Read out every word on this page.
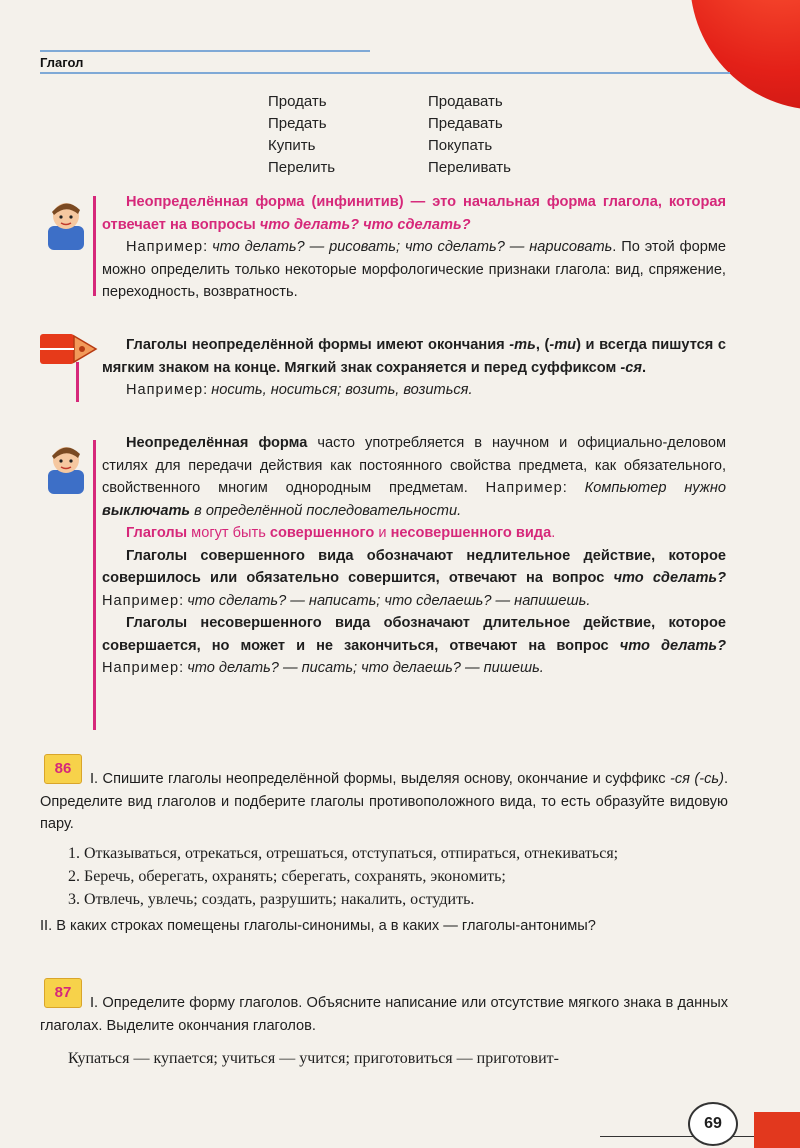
Глагол
Продать
Предать
Купить
Перелить
Продавать
Предавать
Покупать
Переливать

Неопределённая форма (инфинитив) — это начальная форма глагола, которая отвечает на вопросы что делать? что сделать?

Например: что делать? — рисовать; что сделать? — нарисовать. По этой форме можно определить только некоторые морфологические признаки глагола: вид, спряжение, переходность, возвратность.

Глаголы неопределённой формы имеют окончания -ть, (-ти) и всегда пишутся с мягким знаком на конце. Мягкий знак сохраняется и перед суффиксом -ся.

Например: носить, носиться; возить, возиться.

Неопределённая форма часто употребляется в научном и официально-деловом стилях для передачи действия как постоянного свойства предмета, как обязательного, свойственного многим однородным предметам. Например: Компьютер нужно выключать в определённой последовательности.

Глаголы могут быть совершенного и несовершенного вида.

Глаголы совершенного вида обозначают недлительное действие, которое совершилось или обязательно совершится, отвечают на вопрос что сделать? Например: что сделать? — написать; что сделаешь? — напишешь.

Глаголы несовершенного вида обозначают длительное действие, которое совершается, но может и не закончиться, отвечают на вопрос что делать? Например: что делать? — писать; что делаешь? — пишешь.

86

I. Спишите глаголы неопределённой формы, выделяя основу, окончание и суффикс -ся (-сь). Определите вид глаголов и подберите глаголы противоположного вида, то есть образуйте видовую пару.

1. Отказываться, отрекаться, отрешаться, отступаться, отпираться, отнекиваться;

2. Беречь, оберегать, охранять; сберегать, сохранять, экономить;

3. Отвлечь, увлечь; создать, разрушить; накалить, остудить.

II. В каких строках помещены глаголы-синонимы, а в каких — глаголы-антонимы?

87

I. Определите форму глаголов. Объясните написание или отсутствие мягкого знака в данных глаголах. Выделите окончания глаголов.

Купаться — купается; учиться — учится; приготовиться — приготовит-

69
